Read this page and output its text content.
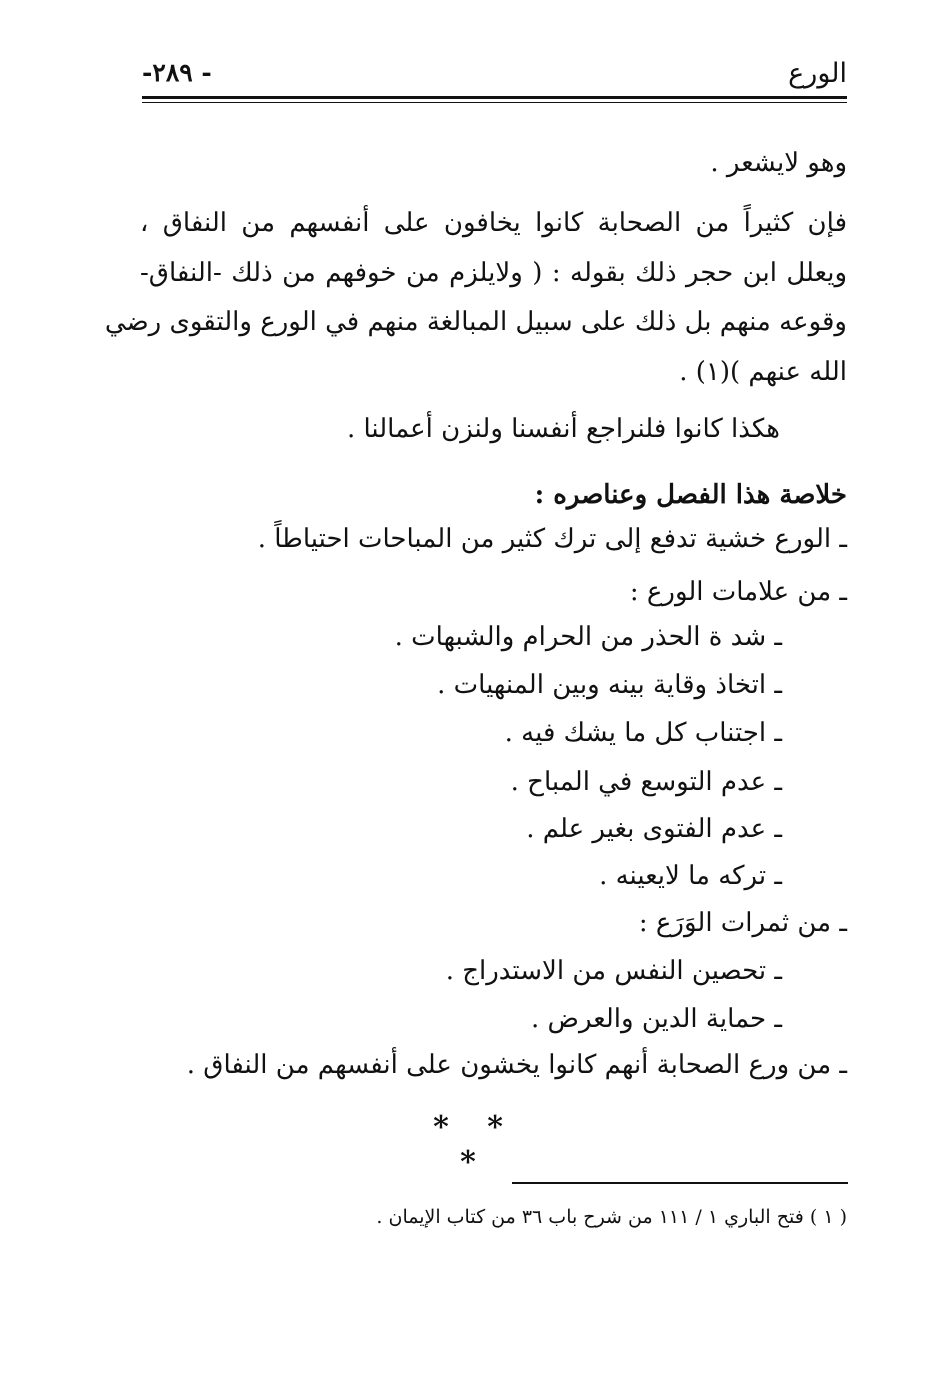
الورع
- ٢٨٩-
وهو لايشعر .
فإن كثيراً من الصحابة كانوا يخافون على أنفسهم من النفاق ،
ويعلل ابن حجر ذلك بقوله : ( ولايلزم من خوفهم من ذلك -النفاق-
وقوعه منهم بل ذلك على سبيل المبالغة منهم في الورع والتقوى رضي
الله عنهم )(١) .
هكذا كانوا فلنراجع أنفسنا ولنزن أعمالنا .
خلاصة هذا الفصل وعناصره :
ـ الورع خشية تدفع إلى ترك كثير من المباحات احتياطاً .
ـ من علامات الورع :
ـ شد ة الحذر من الحرام والشبهات .
ـ اتخاذ وقاية بينه وبين المنهيات .
ـ اجتناب كل ما يشك فيه .
ـ عدم التوسع في المباح .
ـ عدم الفتوى بغير علم .
ـ تركه ما لايعينه .
ـ من ثمرات الوَرَع :
ـ تحصين النفس من الاستدراج .
ـ حماية الدين والعرض .
ـ من ورع الصحابة أنهم كانوا يخشون على أنفسهم من النفاق .
* * *
( ١ ) فتح الباري ١ / ١١١ من شرح باب ٣٦ من كتاب الإيمان .
